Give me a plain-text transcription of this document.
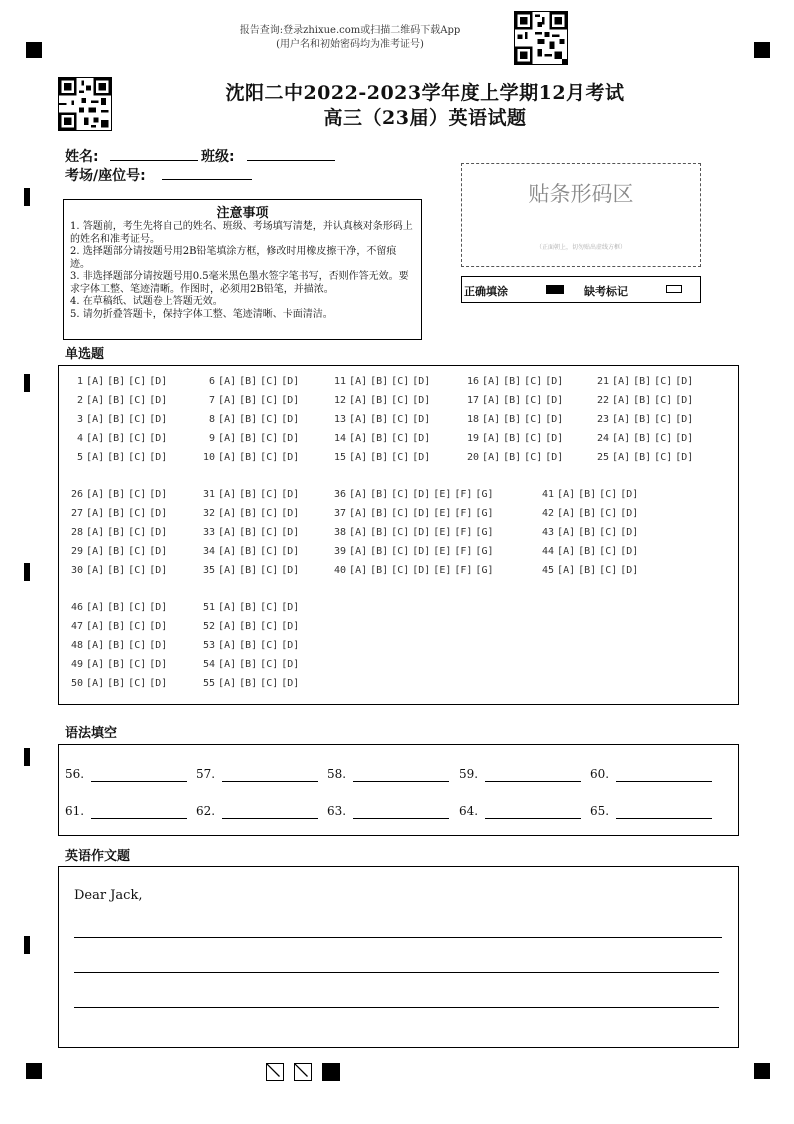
报告查询:登录zhixue.com或扫描二维码下载App
(用户名和初始密码均为准考证号)
沈阳二中2022-2023学年度上学期12月考试
高三（23届）英语试题
姓名:	班级:
考场/座位号:
注意事项
1. 答题前，考生先将自己的姓名、班级、考场填写清楚，并认真核对条形码上的姓名和准考证号。
2. 选择题部分请按题号用2B铅笔填涂方框，修改时用橡皮擦干净，不留痕迹。
3. 非选择题部分请按题号用0.5毫米黑色墨水签字笔书写，否则作答无效。要求字体工整、笔迹清晰。作图时，必须用2B铅笔，并描浓。
4. 在草稿纸、试题卷上答题无效。
5. 请勿折叠答题卡，保持字体工整、笔迹清晰、卡面清洁。
贴条形码区
（正面朝上，切勿贴出虚线方框）
正确填涂	缺考标记
单选题
1 [A] [B] [C] [D]
2 [A] [B] [C] [D]
3 [A] [B] [C] [D]
4 [A] [B] [C] [D]
5 [A] [B] [C] [D]
6 [A] [B] [C] [D]
7 [A] [B] [C] [D]
8 [A] [B] [C] [D]
9 [A] [B] [C] [D]
10 [A] [B] [C] [D]
11 [A] [B] [C] [D]
12 [A] [B] [C] [D]
13 [A] [B] [C] [D]
14 [A] [B] [C] [D]
15 [A] [B] [C] [D]
16 [A] [B] [C] [D]
17 [A] [B] [C] [D]
18 [A] [B] [C] [D]
19 [A] [B] [C] [D]
20 [A] [B] [C] [D]
21 [A] [B] [C] [D]
22 [A] [B] [C] [D]
23 [A] [B] [C] [D]
24 [A] [B] [C] [D]
25 [A] [B] [C] [D]
26 [A] [B] [C] [D]
27 [A] [B] [C] [D]
28 [A] [B] [C] [D]
29 [A] [B] [C] [D]
30 [A] [B] [C] [D]
31 [A] [B] [C] [D]
32 [A] [B] [C] [D]
33 [A] [B] [C] [D]
34 [A] [B] [C] [D]
35 [A] [B] [C] [D]
36 [A] [B] [C] [D] [E] [F] [G]
37 [A] [B] [C] [D] [E] [F] [G]
38 [A] [B] [C] [D] [E] [F] [G]
39 [A] [B] [C] [D] [E] [F] [G]
40 [A] [B] [C] [D] [E] [F] [G]
41 [A] [B] [C] [D]
42 [A] [B] [C] [D]
43 [A] [B] [C] [D]
44 [A] [B] [C] [D]
45 [A] [B] [C] [D]
46 [A] [B] [C] [D]
47 [A] [B] [C] [D]
48 [A] [B] [C] [D]
49 [A] [B] [C] [D]
50 [A] [B] [C] [D]
51 [A] [B] [C] [D]
52 [A] [B] [C] [D]
53 [A] [B] [C] [D]
54 [A] [B] [C] [D]
55 [A] [B] [C] [D]
语法填空
56.	57.	58.	59.	60.
61.	62.	63.	64.	65.
英语作文题
Dear Jack,
